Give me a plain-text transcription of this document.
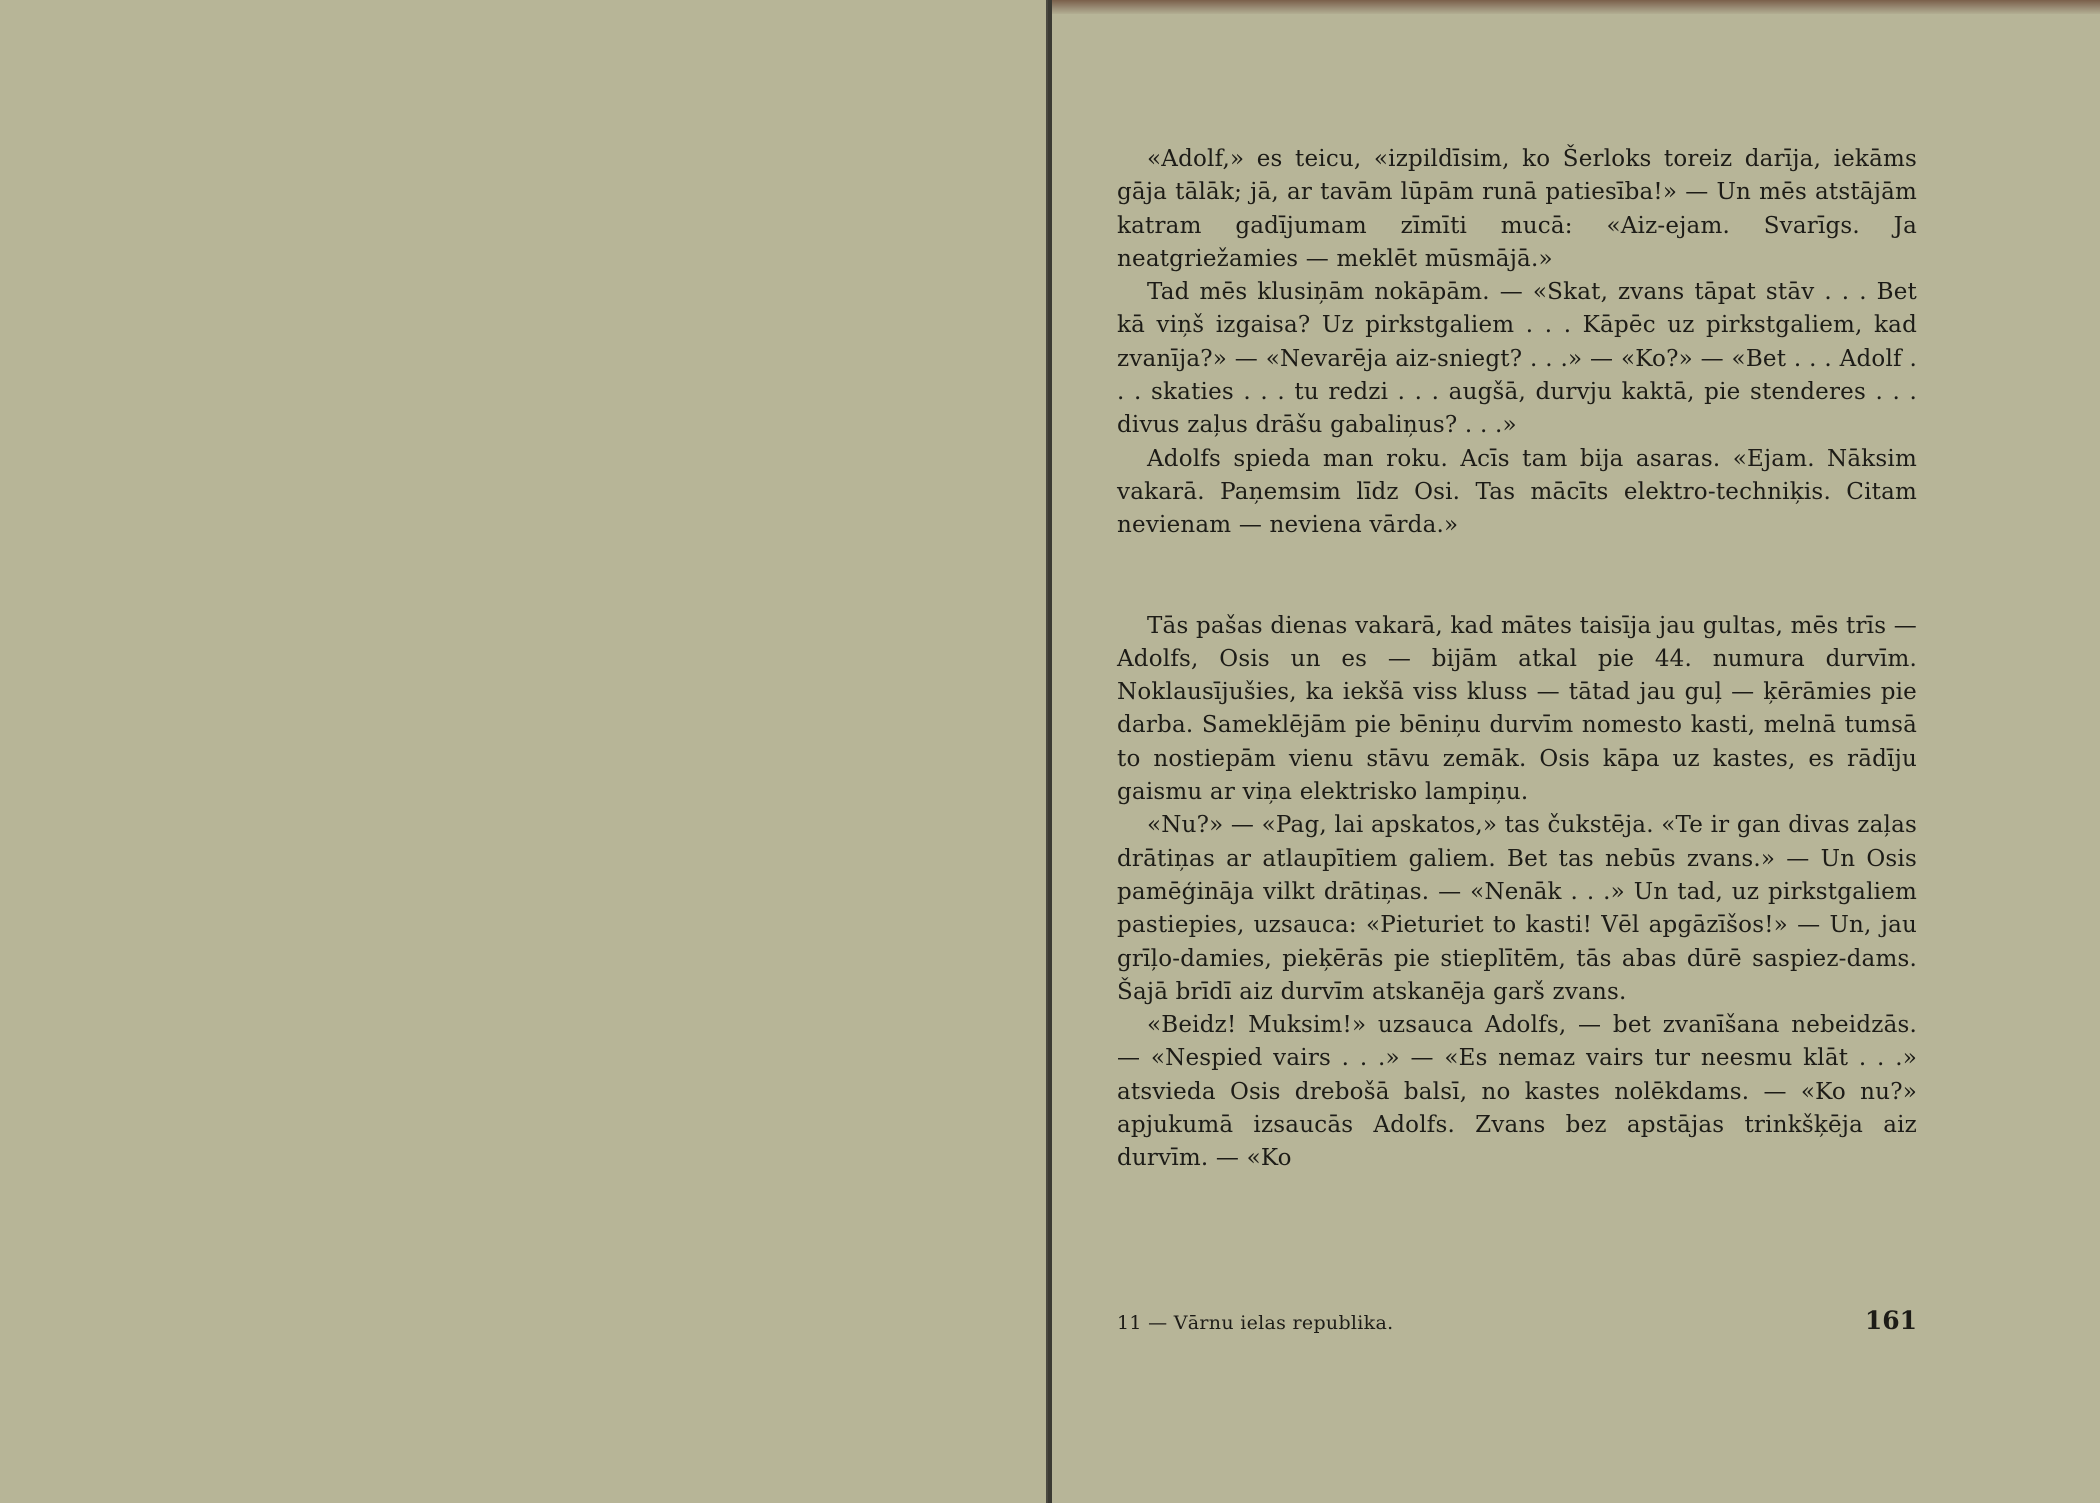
«Adolf,» es teicu, «izpildīsim, ko Šerloks toreiz darīja, iekāms gāja tālāk; jā, ar tavām lūpām runā patiesība!» — Un mēs atstājām katram gadījumam zīmīti mucā: «Aiz-ejam. Svarīgs. Ja neatgriežamies — meklēt mūsmājā.»

Tad mēs klusiņām nokāpām. — «Skat, zvans tāpat stāv . . . Bet kā viņš izgaisa? Uz pirkstgaliem . . . Kāpēc uz pirkstgaliem, kad zvanīja?» — «Nevarēja aiz-sniegt? . . .» — «Ko?» — «Bet . . . Adolf . . . skaties . . . tu redzi . . . augšā, durvju kaktā, pie stenderes . . . divus zaļus drāšu gabaliņus? . . .»

Adolfs spieda man roku. Acīs tam bija asaras. «Ejam. Nāksim vakarā. Paņemsim līdz Osi. Tas mācīts elektro-techniķis. Citam nevienam — neviena vārda.»

Tās pašas dienas vakarā, kad mātes taisīja jau gultas, mēs trīs — Adolfs, Osis un es — bijām atkal pie 44. numura durvīm. Noklausījušies, ka iekšā viss kluss — tātad jau guļ — ķērāmies pie darba. Sameklējām pie bēniņu durvīm nomesto kasti, melnā tumsā to nostiepām vienu stāvu zemāk. Osis kāpa uz kastes, es rādīju gaismu ar viņa elektrisko lampiņu.

«Nu?» — «Pag, lai apskatos,» tas čukstēja. «Te ir gan divas zaļas drātiņas ar atlaupītiem galiem. Bet tas nebūs zvans.» — Un Osis pamēģināja vilkt drātiņas. — «Nenāk . . .» Un tad, uz pirkstgaliem pastiepies, uzsauca: «Pieturiet to kasti! Vēl apgāzīšos!» — Un, jau grīļo-damies, pieķērās pie stieplītēm, tās abas dūrē saspiez-dams. Šajā brīdī aiz durvīm atskanēja garš zvans.

«Beidz! Muksim!» uzsauca Adolfs, — bet zvanīšana nebeidzās. — «Nespied vairs . . .» — «Es nemaz vairs tur neesmu klāt . . .» atsvieda Osis drebošā balsī, no kastes nolēkdams. — «Ko nu?» apjukumā izsaucās Adolfs. Zvans bez apstājas trinkšķēja aiz durvīm. — «Ko

11 — Vārnu ielas republika.	161
